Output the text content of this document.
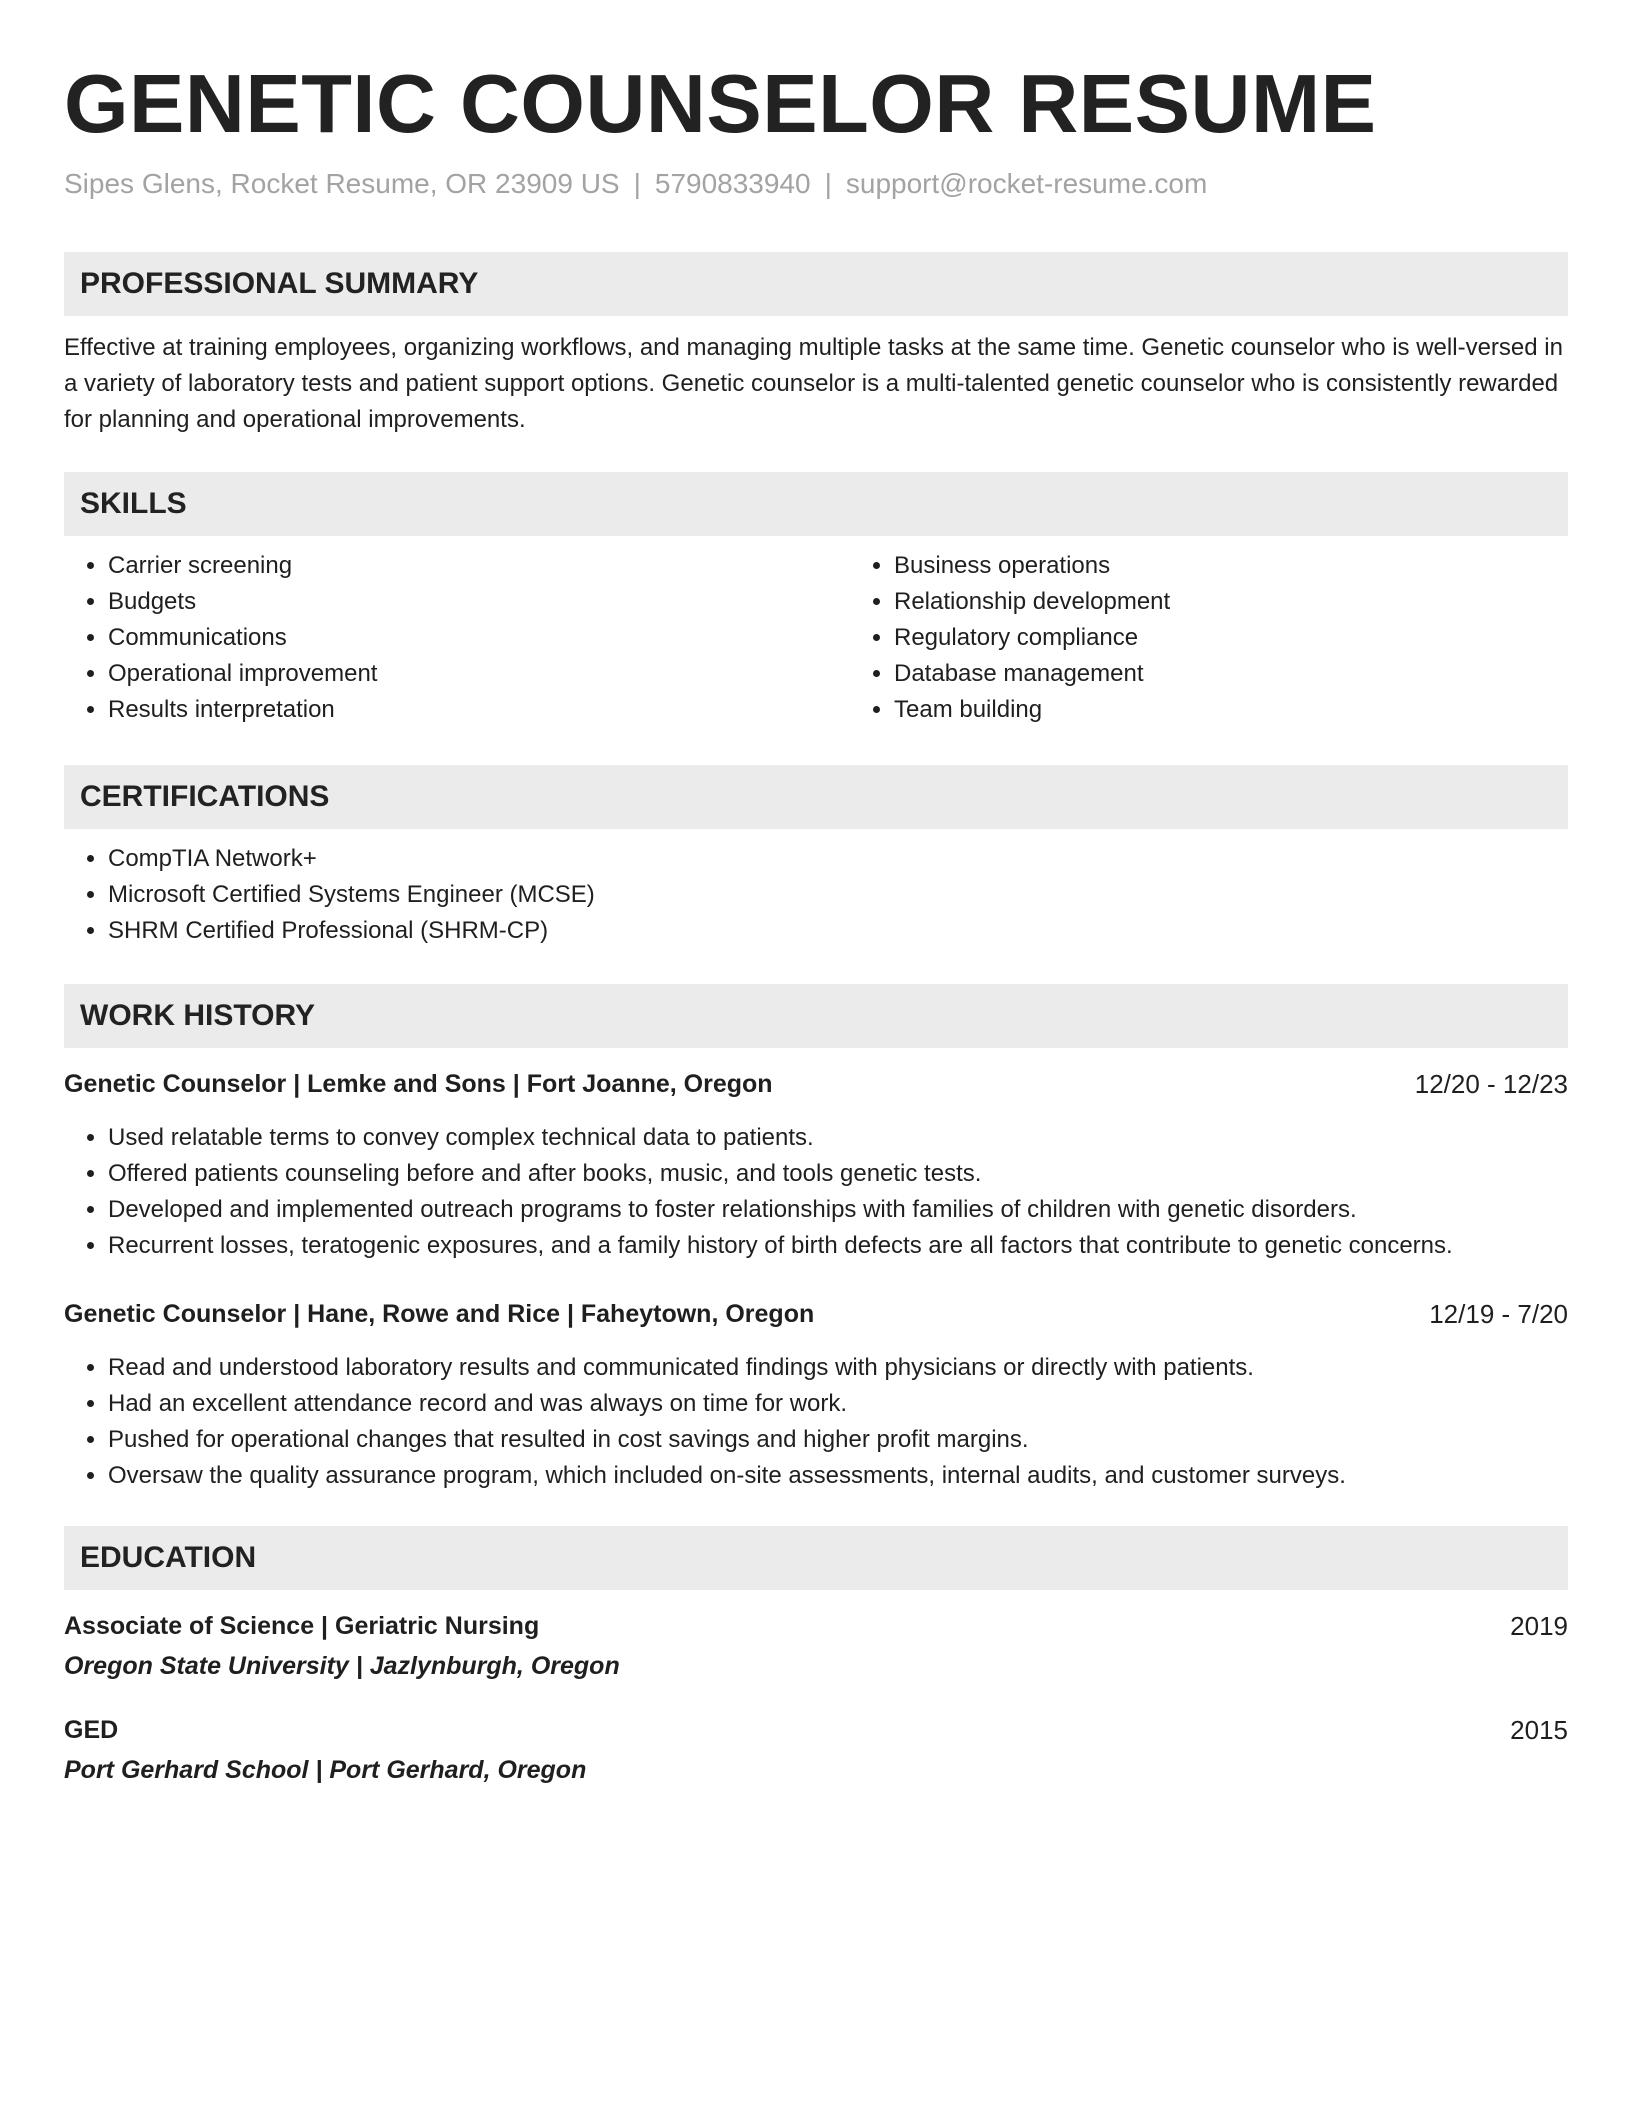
GENETIC COUNSELOR RESUME
Sipes Glens, Rocket Resume, OR 23909 US | 5790833940 | support@rocket-resume.com
PROFESSIONAL SUMMARY

Effective at training employees, organizing workflows, and managing multiple tasks at the same time. Genetic counselor who is well-versed in a variety of laboratory tests and patient support options. Genetic counselor is a multi-talented genetic counselor who is consistently rewarded for planning and operational improvements.

SKILLS
• Carrier screening
• Budgets
• Communications
• Operational improvement
• Results interpretation
• Business operations
• Relationship development
• Regulatory compliance
• Database management
• Team building
CERTIFICATIONS
• CompTIA Network+
• Microsoft Certified Systems Engineer (MCSE)
• SHRM Certified Professional (SHRM-CP)
WORK HISTORY
Genetic Counselor | Lemke and Sons | Fort Joanne, Oregon	12/20 - 12/23
• Used relatable terms to convey complex technical data to patients.
• Offered patients counseling before and after books, music, and tools genetic tests.
• Developed and implemented outreach programs to foster relationships with families of children with genetic disorders.
• Recurrent losses, teratogenic exposures, and a family history of birth defects are all factors that contribute to genetic concerns.
Genetic Counselor | Hane, Rowe and Rice | Faheytown, Oregon	12/19 - 7/20
• Read and understood laboratory results and communicated findings with physicians or directly with patients.
• Had an excellent attendance record and was always on time for work.
• Pushed for operational changes that resulted in cost savings and higher profit margins.
• Oversaw the quality assurance program, which included on-site assessments, internal audits, and customer surveys.
EDUCATION
Associate of Science | Geriatric Nursing	2019
Oregon State University | Jazlynburgh, Oregon
GED	2015
Port Gerhard School | Port Gerhard, Oregon
